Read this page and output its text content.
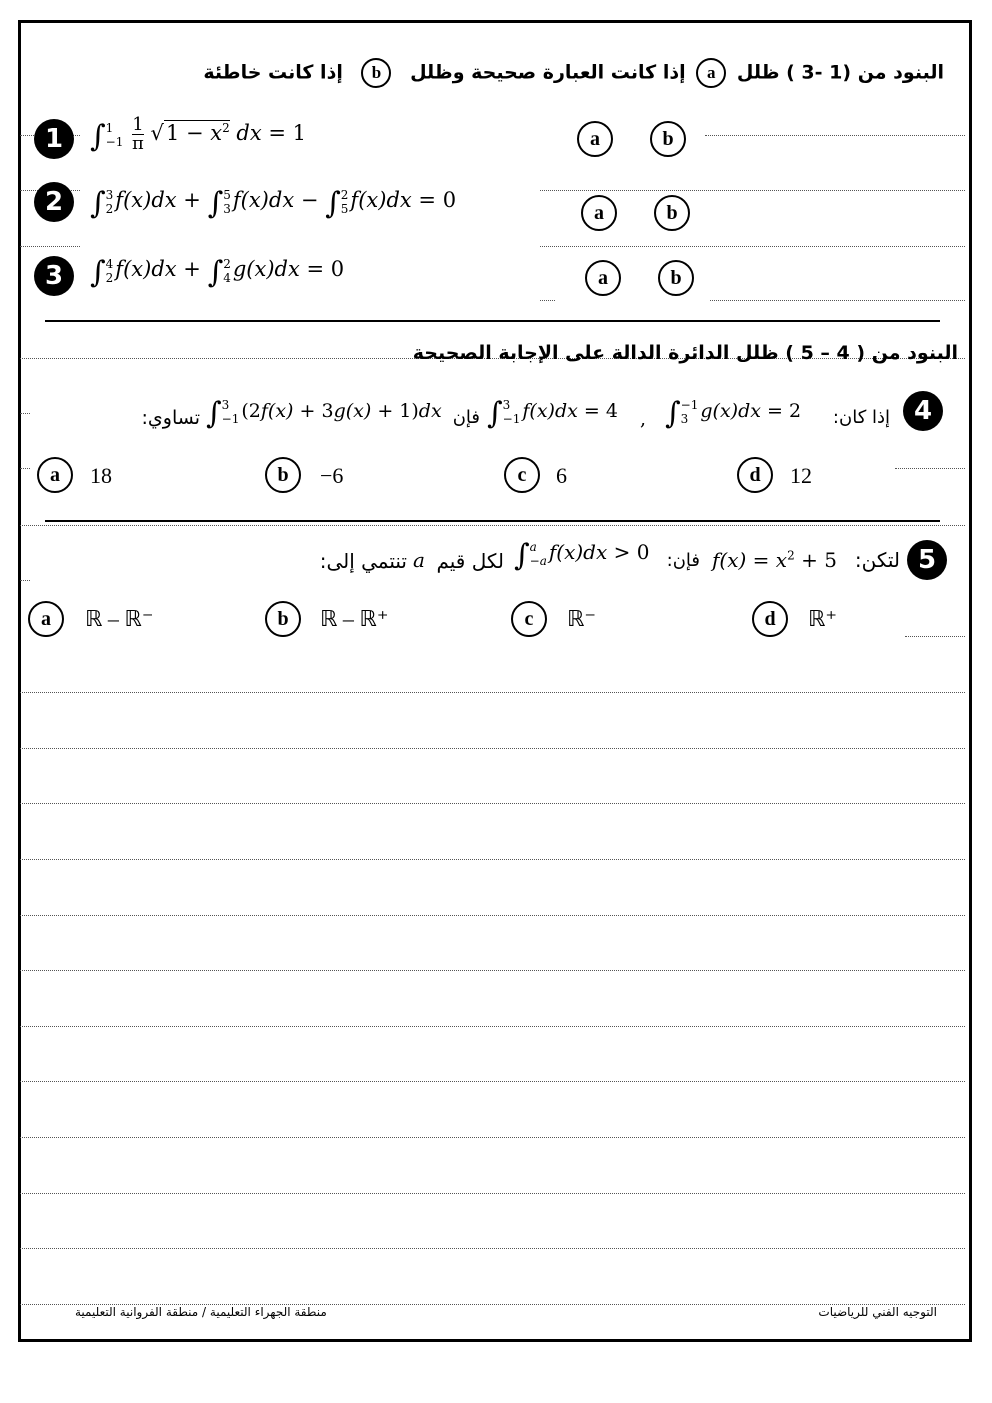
البنود من (1 -3 ) ظلل a إذا كانت العبارة صحيحة وظلل b إذا كانت خاطئة
1 ∫ 1
−1
$\frac{1}{\pi} √1 - x^2$ dx = 1	a	b
2 ∫ 3
2 f(x)dx + ∫ 5
3 f(x)dx − ∫ 2
5 f(x)dx = 0
a	b
3 ∫ 4
2 f(x)dx + ∫ 2
4 g(x)dx = 0	a	b
البنود من ( 4 – 5 ) ظلل الدائرة الدالة على الإجابة الصحيحة
4
إذا كان:
∫ −1
3 g(x)dx = 2
,
∫ 3
−1 f(x)dx = 4
فإن
∫ 3
−1 (2f(x) + 3g(x) + 1)dx
تساوي:
a	18	b	−6	c	6	d	12
5
لتكن:
$f(x) = x^2 + 5$
فإن:
∫ a
−a f(x)dx > 0
لكل قيم
a
تنتمي إلى:
a	ℝ – ℝ⁻	b	ℝ – ℝ⁺	c	ℝ⁻	d	ℝ⁺
منطقة الجهراء التعليمية / منطقة الفروانية التعليمية	التوجيه الفني للرياضيات
